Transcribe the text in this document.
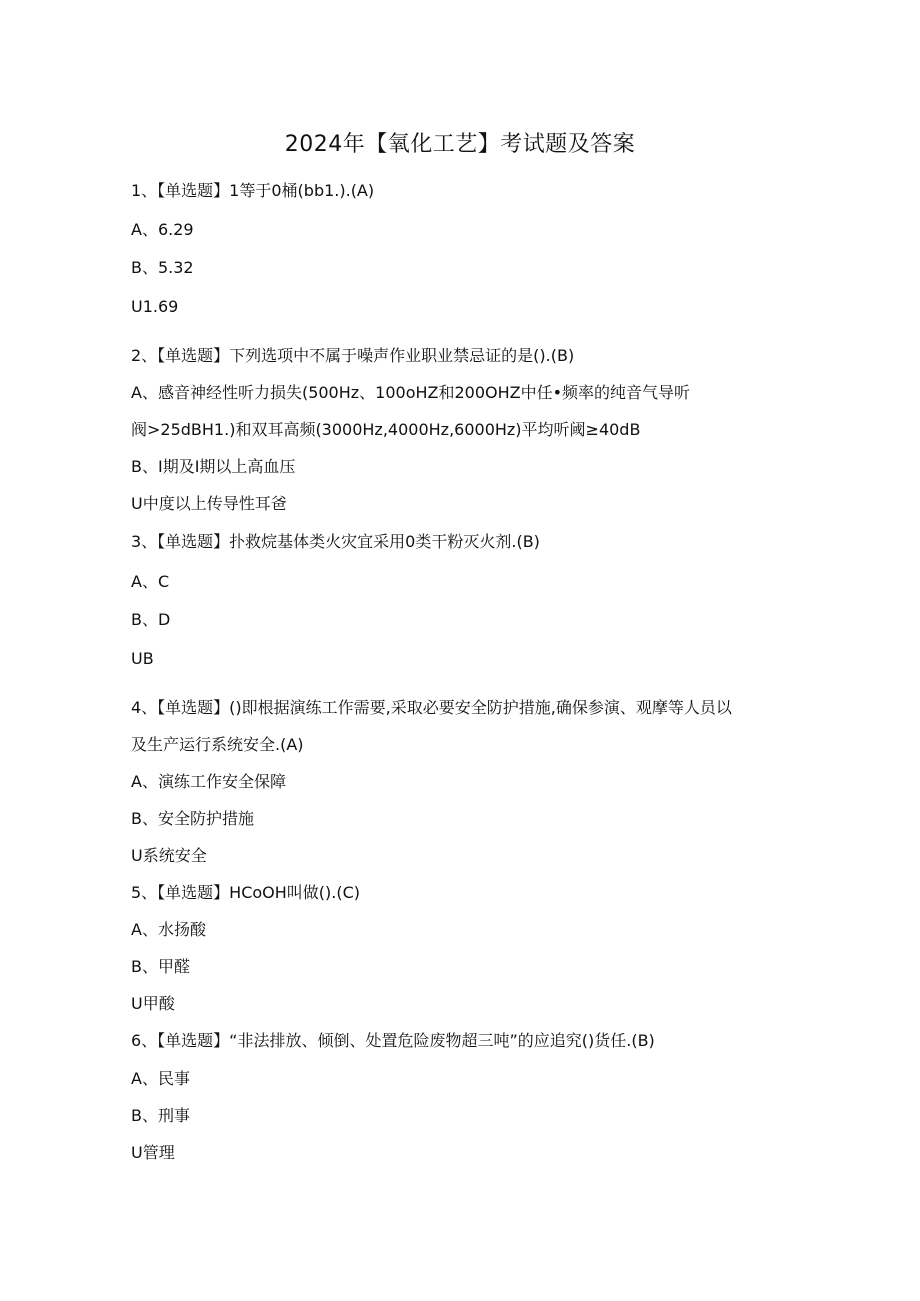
2024年【氧化工艺】考试题及答案
1、【单选题】1等于0桶(bb1.).(A)
A、6.29
B、5.32
U1.69
2、【单选题】下列选项中不属于噪声作业职业禁忌证的是().(B)
A、感音神经性听力损失(500Hz、100oHZ和200OHZ中任•频率的纯音气导听
阀>25dBH1.)和双耳高频(3000Hz,4000Hz,6000Hz)平均听阈≥40dB
B、I期及I期以上高血压
U中度以上传导性耳爸
3、【单选题】扑救烷基体类火灾宜采用0类干粉灭火剂.(B)
A、C
B、D
UB
4、【单选题】()即根据演练工作需要,采取必要安全防护措施,确保参演、观摩等人员以
及生产运行系统安全.(A)
A、演练工作安全保障
B、安全防护措施
U系统安全
5、【单选题】HCoOH叫做().(C)
A、水扬酸
B、甲醛
U甲酸
6、【单选题】“非法排放、倾倒、处置危险废物超三吨”的应追究()货任.(B)
A、民事
B、刑事
U管理
